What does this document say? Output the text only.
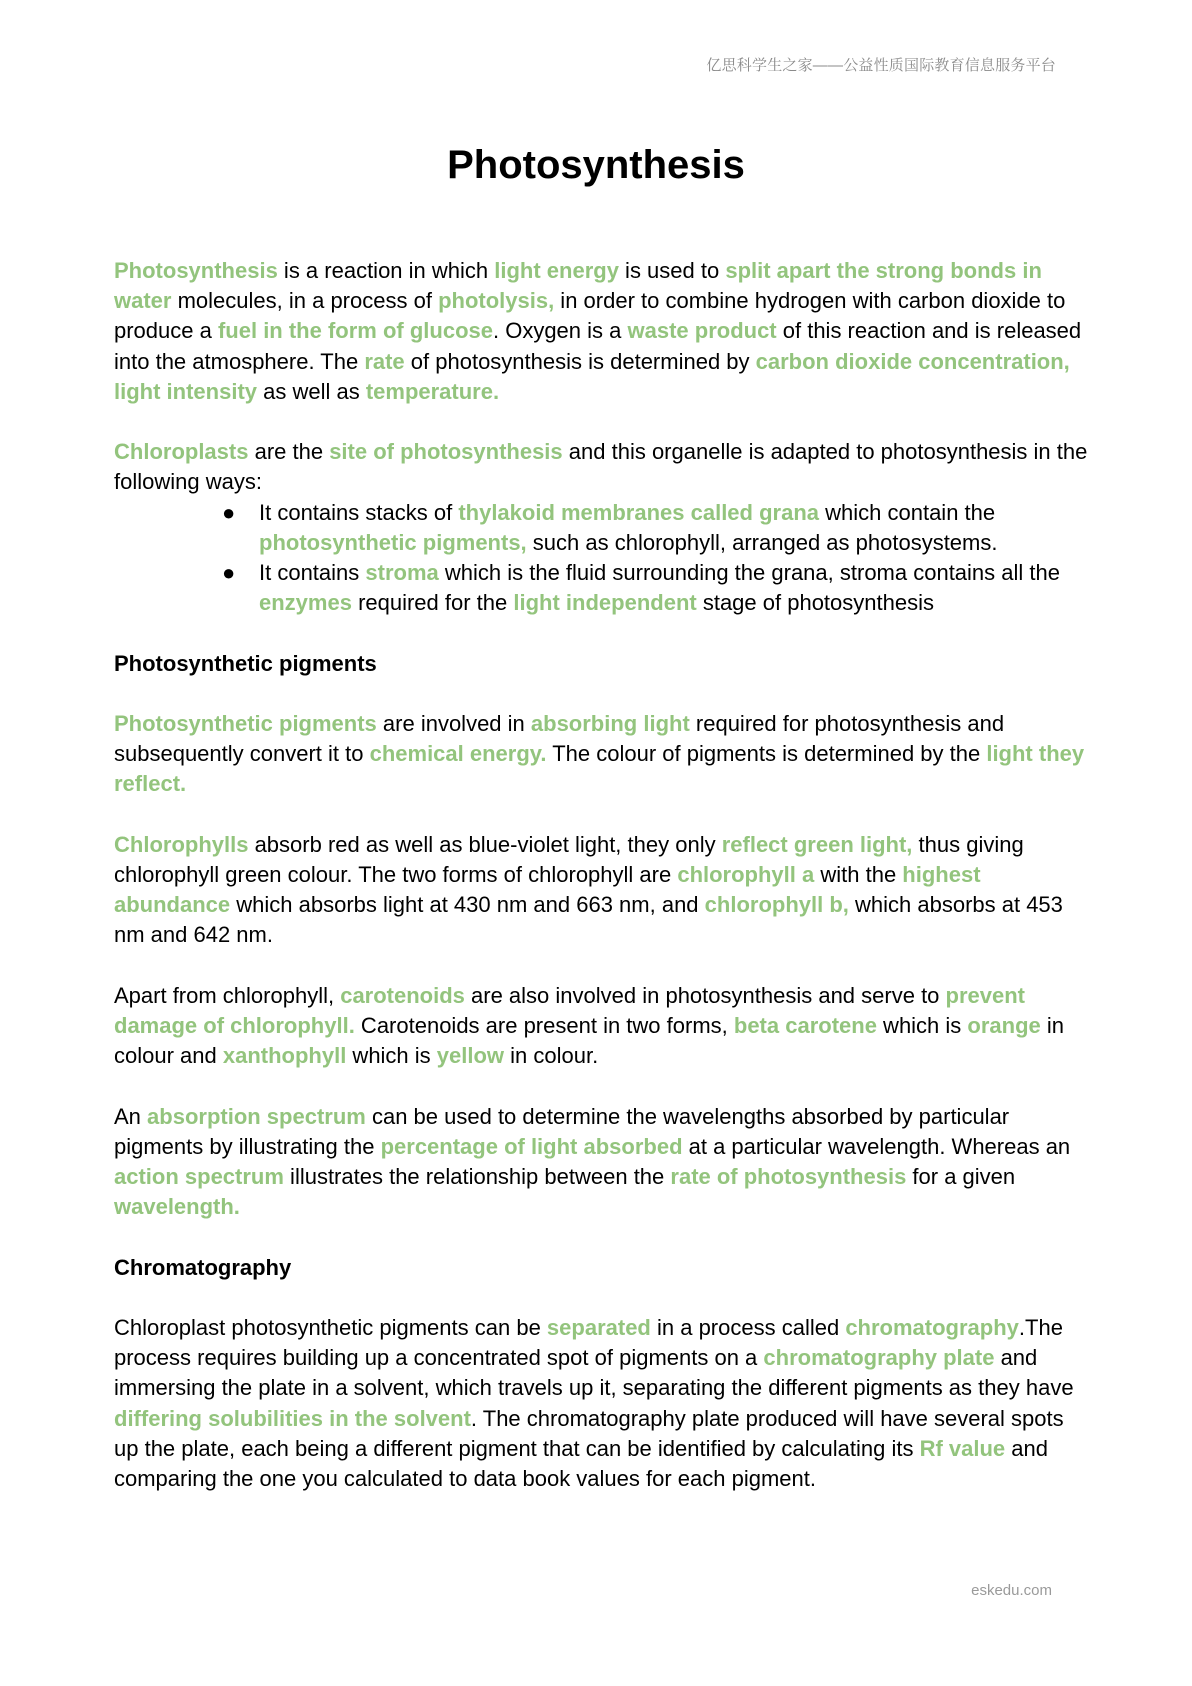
亿思科学生之家——公益性质国际教育信息服务平台
Photosynthesis

Photosynthesis is a reaction in which light energy is used to split apart the strong bonds in water molecules, in a process of photolysis, in order to combine hydrogen with carbon dioxide to produce a fuel in the form of glucose. Oxygen is a waste product of this reaction and is released into the atmosphere. The rate of photosynthesis is determined by carbon dioxide concentration, light intensity as well as temperature.

Chloroplasts are the site of photosynthesis and this organelle is adapted to photosynthesis in the following ways:

● It contains stacks of thylakoid membranes called grana which contain the photosynthetic pigments, such as chlorophyll, arranged as photosystems.
● It contains stroma which is the fluid surrounding the grana, stroma contains all the enzymes required for the light independent stage of photosynthesis
Photosynthetic pigments

Photosynthetic pigments are involved in absorbing light required for photosynthesis and subsequently convert it to chemical energy. The colour of pigments is determined by the light they reflect.

Chlorophylls absorb red as well as blue-violet light, they only reflect green light, thus giving chlorophyll green colour. The two forms of chlorophyll are chlorophyll a with the highest abundance which absorbs light at 430 nm and 663 nm, and chlorophyll b, which absorbs at 453 nm and 642 nm.

Apart from chlorophyll, carotenoids are also involved in photosynthesis and serve to prevent damage of chlorophyll. Carotenoids are present in two forms, beta carotene which is orange in colour and xanthophyll which is yellow in colour.

An absorption spectrum can be used to determine the wavelengths absorbed by particular pigments by illustrating the percentage of light absorbed at a particular wavelength. Whereas an action spectrum illustrates the relationship between the rate of photosynthesis for a given wavelength.

Chromatography

Chloroplast photosynthetic pigments can be separated in a process called chromatography.The process requires building up a concentrated spot of pigments on a chromatography plate and immersing the plate in a solvent, which travels up it, separating the different pigments as they have differing solubilities in the solvent. The chromatography plate produced will have several spots up the plate, each being a different pigment that can be identified by calculating its Rf value and comparing the one you calculated to data book values for each pigment.

eskedu.com
